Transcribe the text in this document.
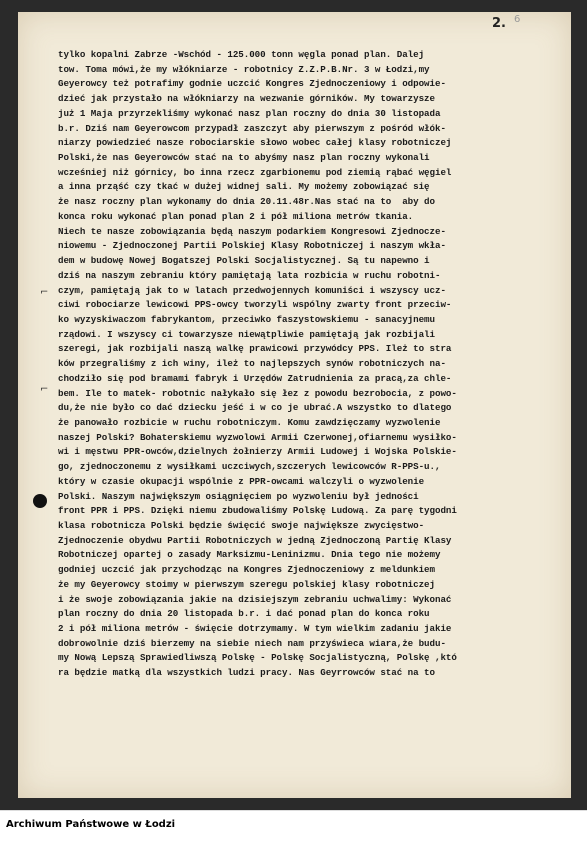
2. 6
tylko kopalni Zabrze -Wschód - 125.000 tonn węgla ponad plan. Dalej
tow. Toma mówi,że my włókniarze - robotnicy Z.Z.P.B.Nr. 3 w Łodzi,my
Geyerowcy też potrafimy godnie uczcić Kongres Zjednoczeniowy i odpowie-
dzieć jak przystało na włókniarzy na wezwanie górników. My towarzysze
już 1 Maja przyrzekliśmy wykonać nasz plan roczny do dnia 30 listopada
b.r. Dziś nam Geyerowcom przypadł zaszczyt aby pierwszym z pośród włók-
niarzy powiedzieć nasze robociarskie słowo wobec całej klasy robotniczej
Polski,że nas Geyerowców stać na to abyśmy nasz plan roczny wykonali
wcześniej niż górnicy, bo inna rzecz zgarbionemu pod ziemią rąbać węgiel
a inna prząść czy tkać w dużej widnej sali. My możemy zobowiązać się
że nasz roczny plan wykonamy do dnia 20.11.48r.Nas stać na to  aby do
konca roku wykonać plan ponad plan 2 i pół miliona metrów tkania.
Niech te nasze zobowiązania będą naszym podarkiem Kongresowi Zjednocze-
niowemu - Zjednoczonej Partii Polskiej Klasy Robotniczej i naszym wkła-
dem w budowę Nowej Bogatszej Polski Socjalistycznej. Są tu napewno i
dziś na naszym zebraniu który pamiętają lata rozbicia w ruchu robotni-
czym, pamiętają jak to w latach przedwojennych komuniści i wszyscy ucz-
ciwi robociarze lewicowi PPS-owcy tworzyli wspólny zwarty front przeciw-
ko wyzyskiwaczom fabrykantom, przeciwko faszystowskiemu - sanacyjnemu
rządowi. I wszyscy ci towarzysze niewątpliwie pamiętają jak rozbijali
szeregi, jak rozbijali naszą walkę prawicowi przywódcy PPS. Ileż to stra
ków przegraliśmy z ich winy, ileż to najlepszych synów robotniczych na-
chodziło się pod bramami fabryk i Urzędów Zatrudnienia za pracą,za chle-
bem. Ile to matek- robotnic nałykało się łez z powodu bezrobocia, z powo-
du,że nie było co dać dziecku jeść i w co je ubrać.A wszystko to dlatego
że panowało rozbicie w ruchu robotniczym. Komu zawdzięczamy wyzwolenie
naszej Polski? Bohaterskiemu wyzwolowi Armii Czerwonej,ofiarnemu wysiłko-
wi i męstwu PPR-owców,dzielnych żołnierzy Armii Ludowej i Wojska Polskie-
go, zjednoczonemu z wysiłkami uczciwych,szczerych lewicowców R-PPS-u.,
który w czasie okupacji wspólnie z PPR-owcami walczyli o wyzwolenie
Polski. Naszym największym osiągnięciem po wyzwoleniu był jedności
front PPR i PPS. Dzięki niemu zbudowaliśmy Polskę Ludową. Za parę tygodni
klasa robotnicza Polski będzie święcić swoje największe zwycięstwo-
Zjednoczenie obydwu Partii Robotniczych w jedną Zjednoczoną Partię Klasy
Robotniczej opartej o zasady Marksizmu-Leninizmu. Dnia tego nie możemy
godniej uczcić jak przychodząc na Kongres Zjednoczeniowy z meldunkiem
że my Geyerowcy stoimy w pierwszym szeregu polskiej klasy robotniczej
i że swoje zobowiązania jakie na dzisiejszym zebraniu uchwalimy: Wykonać
plan roczny do dnia 20 listopada b.r. i dać ponad plan do konca roku
2 i pół miliona metrów - święcie dotrzymamy. W tym wielkim zadaniu jakie
dobrowolnie dziś bierzemy na siebie niech nam przyświeca wiara,że budu-
my Nową Lepszą Sprawiedliwszą Polskę - Polskę Socjalistyczną, Polskę ,któ
ra będzie matką dla wszystkich ludzi pracy. Nas Geyrrowców stać na to
⌐
⌐
Archiwum Państwowe w Łodzi
